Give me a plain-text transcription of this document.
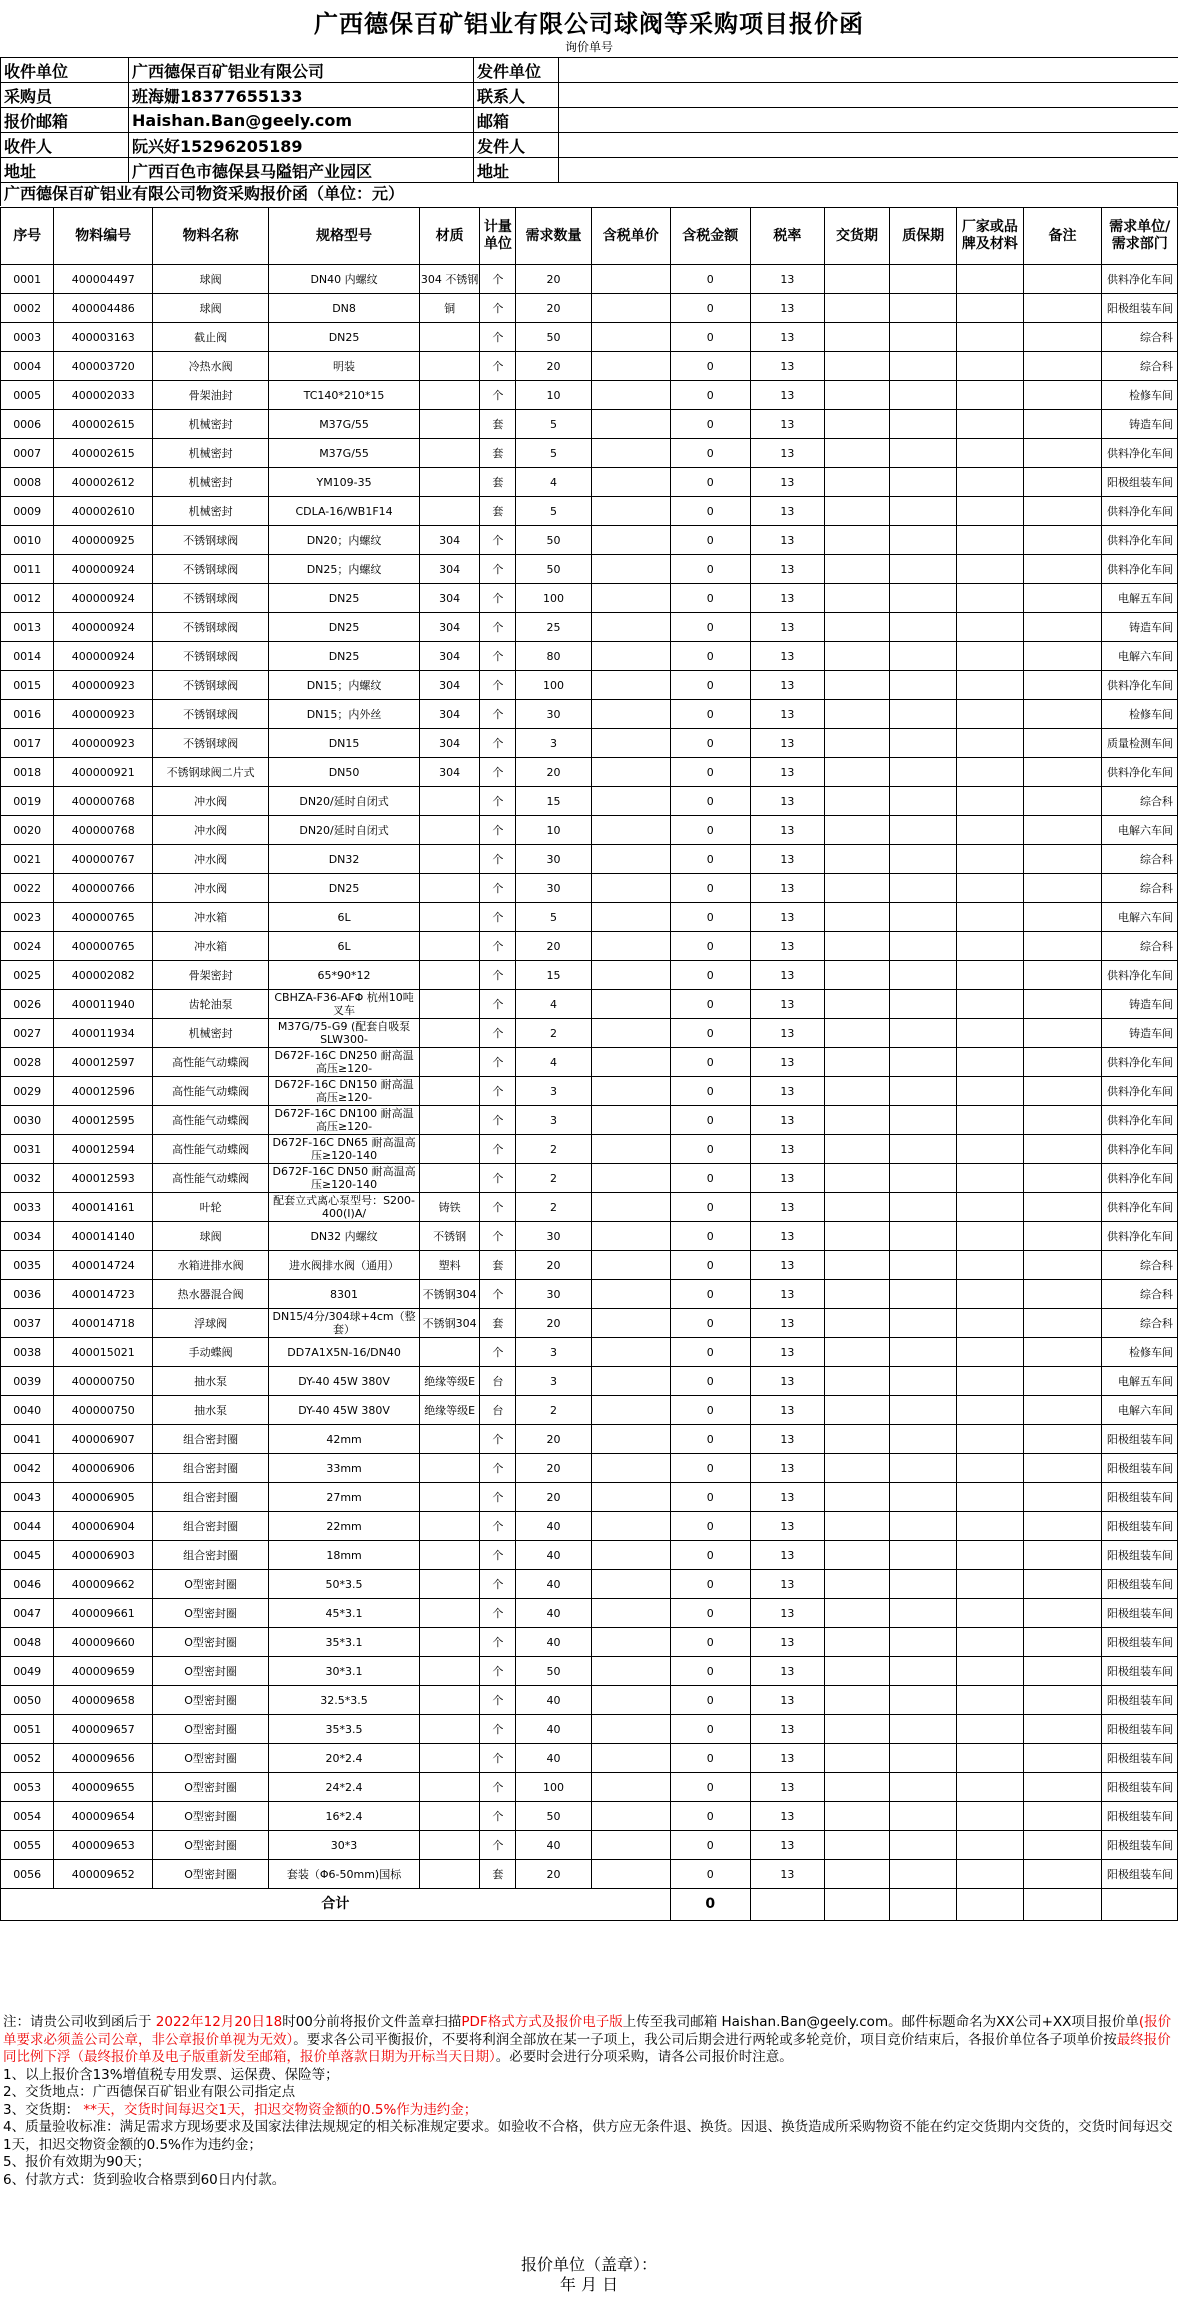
广西德保百矿铝业有限公司球阀等采购项目报价函
询价单号
收件单位	广西德保百矿铝业有限公司	发件单位	
采购员	班海姗18377655133	联系人	
报价邮箱	Haishan.Ban@geely.com	邮箱	
收件人	阮兴好15296205189	发件人	
地址	广西百色市德保县马隘铝产业园区	地址	
广西德保百矿铝业有限公司物资采购报价函（单位：元）
序号	物料编号	物料名称	规格型号	材质	计量单位	需求数量	含税单价	含税金额	税率	交货期	质保期	厂家或品牌及材料	备注	需求单位/需求部门
0001	400004497	球阀	DN40 内螺纹	304 不锈钢	个	20		0	13					供料净化车间
0002	400004486	球阀	DN8	铜	个	20		0	13					阳极组装车间
0003	400003163	截止阀	DN25		个	50		0	13					综合科
0004	400003720	冷热水阀	明装		个	20		0	13					综合科
0005	400002033	骨架油封	TC140*210*15		个	10		0	13					检修车间
0006	400002615	机械密封	M37G/55		套	5		0	13					铸造车间
0007	400002615	机械密封	M37G/55		套	5		0	13					供料净化车间
0008	400002612	机械密封	YM109-35		套	4		0	13					阳极组装车间
0009	400002610	机械密封	CDLA-16/WB1F14		套	5		0	13					供料净化车间
0010	400000925	不锈钢球阀	DN20；内螺纹	304	个	50		0	13					供料净化车间
0011	400000924	不锈钢球阀	DN25；内螺纹	304	个	50		0	13					供料净化车间
0012	400000924	不锈钢球阀	DN25	304	个	100		0	13					电解五车间
0013	400000924	不锈钢球阀	DN25	304	个	25		0	13					铸造车间
0014	400000924	不锈钢球阀	DN25	304	个	80		0	13					电解六车间
0015	400000923	不锈钢球阀	DN15；内螺纹	304	个	100		0	13					供料净化车间
0016	400000923	不锈钢球阀	DN15；内外丝	304	个	30		0	13					检修车间
0017	400000923	不锈钢球阀	DN15	304	个	3		0	13					质量检测车间
0018	400000921	不锈钢球阀二片式	DN50	304	个	20		0	13					供料净化车间
0019	400000768	冲水阀	DN20/延时自闭式		个	15		0	13					综合科
0020	400000768	冲水阀	DN20/延时自闭式		个	10		0	13					电解六车间
0021	400000767	冲水阀	DN32		个	30		0	13					综合科
0022	400000766	冲水阀	DN25		个	30		0	13					综合科
0023	400000765	冲水箱	6L		个	5		0	13					电解六车间
0024	400000765	冲水箱	6L		个	20		0	13					综合科
0025	400002082	骨架密封	65*90*12		个	15		0	13					供料净化车间
0026	400011940	齿轮油泵	CBHZA-F36-AFΦ 杭州10吨叉车		个	4		0	13					铸造车间
0027	400011934	机械密封	M37G/75-G9 (配套自吸泵SLW300-		个	2		0	13					铸造车间
0028	400012597	高性能气动蝶阀	D672F-16C DN250 耐高温高压≥120-		个	4		0	13					供料净化车间
0029	400012596	高性能气动蝶阀	D672F-16C DN150 耐高温高压≥120-		个	3		0	13					供料净化车间
0030	400012595	高性能气动蝶阀	D672F-16C DN100 耐高温高压≥120-		个	3		0	13					供料净化车间
0031	400012594	高性能气动蝶阀	D672F-16C DN65 耐高温高压≥120-140		个	2		0	13					供料净化车间
0032	400012593	高性能气动蝶阀	D672F-16C DN50 耐高温高压≥120-140		个	2		0	13					供料净化车间
0033	400014161	叶轮	配套立式离心泵型号：S200-400(I)A/	铸铁	个	2		0	13					供料净化车间
0034	400014140	球阀	DN32 内螺纹	不锈钢	个	30		0	13					供料净化车间
0035	400014724	水箱进排水阀	进水阀排水阀（通用）	塑料	套	20		0	13					综合科
0036	400014723	热水器混合阀	8301	不锈钢304	个	30		0	13					综合科
0037	400014718	浮球阀	DN15/4分/304球+4cm（整套）	不锈钢304	套	20		0	13					综合科
0038	400015021	手动蝶阀	DD7A1X5N-16/DN40		个	3		0	13					检修车间
0039	400000750	抽水泵	DY-40 45W 380V	绝缘等级E	台	3		0	13					电解五车间
0040	400000750	抽水泵	DY-40 45W 380V	绝缘等级E	台	2		0	13					电解六车间
0041	400006907	组合密封圈	42mm		个	20		0	13					阳极组装车间
0042	400006906	组合密封圈	33mm		个	20		0	13					阳极组装车间
0043	400006905	组合密封圈	27mm		个	20		0	13					阳极组装车间
0044	400006904	组合密封圈	22mm		个	40		0	13					阳极组装车间
0045	400006903	组合密封圈	18mm		个	40		0	13					阳极组装车间
0046	400009662	O型密封圈	50*3.5		个	40		0	13					阳极组装车间
0047	400009661	O型密封圈	45*3.1		个	40		0	13					阳极组装车间
0048	400009660	O型密封圈	35*3.1		个	40		0	13					阳极组装车间
0049	400009659	O型密封圈	30*3.1		个	50		0	13					阳极组装车间
0050	400009658	O型密封圈	32.5*3.5		个	40		0	13					阳极组装车间
0051	400009657	O型密封圈	35*3.5		个	40		0	13					阳极组装车间
0052	400009656	O型密封圈	20*2.4		个	40		0	13					阳极组装车间
0053	400009655	O型密封圈	24*2.4		个	100		0	13					阳极组装车间
0054	400009654	O型密封圈	16*2.4		个	50		0	13					阳极组装车间
0055	400009653	O型密封圈	30*3		个	40		0	13					阳极组装车间
0056	400009652	O型密封圈	套装（Φ6-50mm)国标		套	20		0	13					阳极组装车间
合计								0						
注：请贵公司收到函后于 2022年12月20日18时00分前将报价文件盖章扫描PDF格式方式及报价电子版上传至我司邮箱 Haishan.Ban@geely.com。邮件标题命名为XX公司+XX项目报价单(报价单要求必须盖公司公章，非公章报价单视为无效）。要求各公司平衡报价，不要将利润全部放在某一子项上，我公司后期会进行两轮或多轮竞价，项目竞价结束后，各报价单位各子项单价按最终报价同比例下浮（最终报价单及电子版重新发至邮箱，报价单落款日期为开标当天日期）。必要时会进行分项采购，请各公司报价时注意。
1、以上报价含13%增值税专用发票、运保费、保险等；
2、交货地点：广西德保百矿铝业有限公司指定点
3、交货期： **天，交货时间每迟交1天，扣迟交物资金额的0.5%作为违约金；
4、质量验收标准：满足需求方现场要求及国家法律法规规定的相关标准规定要求。如验收不合格，供方应无条件退、换货。因退、换货造成所采购物资不能在约定交货期内交货的，交货时间每迟交1天，扣迟交物资金额的0.5%作为违约金；
5、报价有效期为90天；
6、付款方式：货到验收合格票到60日内付款。
报价单位（盖章）：
年 月 日
